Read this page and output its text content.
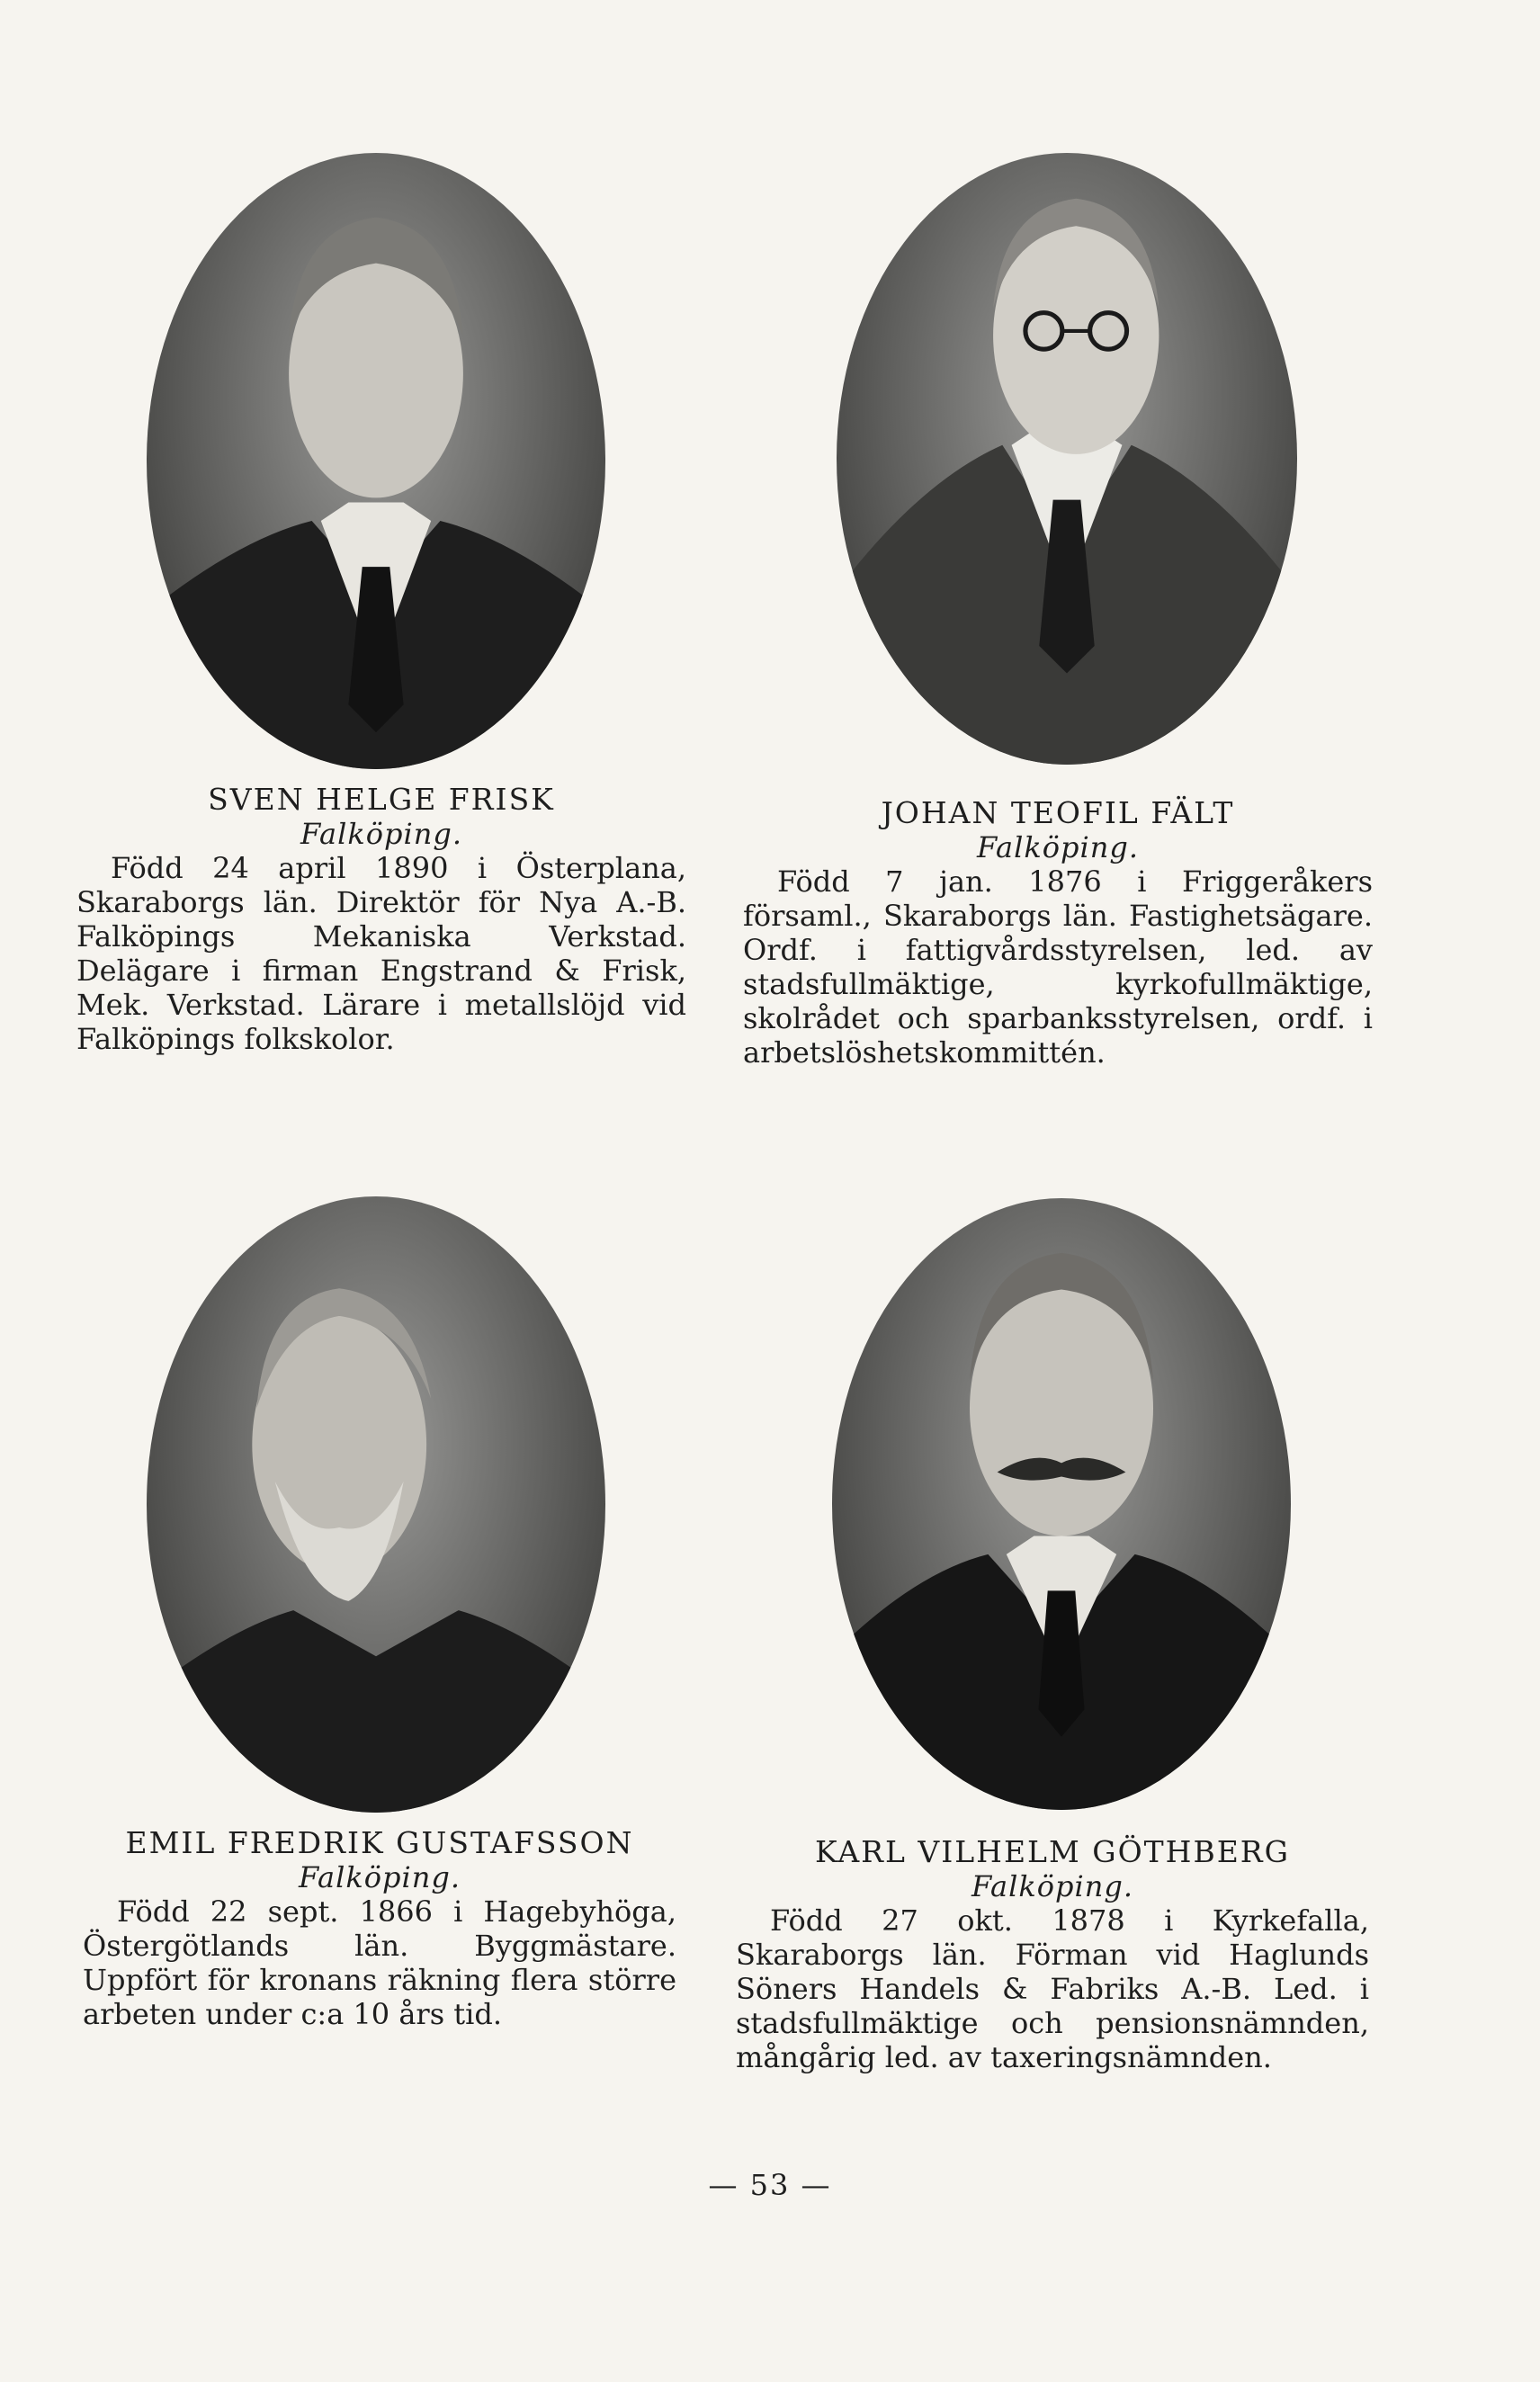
SVEN HELGE FRISK
Falköping.
Född 24 april 1890 i Österplana, Skaraborgs län. Direktör för Nya A.-B. Falköpings Mekaniska Verkstad. Delägare i firman Engstrand & Frisk, Mek. Verkstad. Lärare i metallslöjd vid Falköpings folkskolor.
JOHAN TEOFIL FÄLT
Falköping.
Född 7 jan. 1876 i Friggeråkers församl., Skaraborgs län. Fastighetsägare. Ordf. i fattigvårdsstyrelsen, led. av stadsfullmäktige, kyrkofullmäktige, skolrådet och sparbanksstyrelsen, ordf. i arbetslöshetskommittén.
EMIL FREDRIK GUSTAFSSON
Falköping.
Född 22 sept. 1866 i Hagebyhöga, Östergötlands län. Byggmästare. Uppfört för kronans räkning flera större arbeten under c:a 10 års tid.
KARL VILHELM GÖTHBERG
Falköping.
Född 27 okt. 1878 i Kyrkefalla, Skaraborgs län. Förman vid Haglunds Söners Handels & Fabriks A.-B. Led. i stadsfullmäktige och pensionsnämnden, mångårig led. av taxeringsnämnden.
— 53 —
